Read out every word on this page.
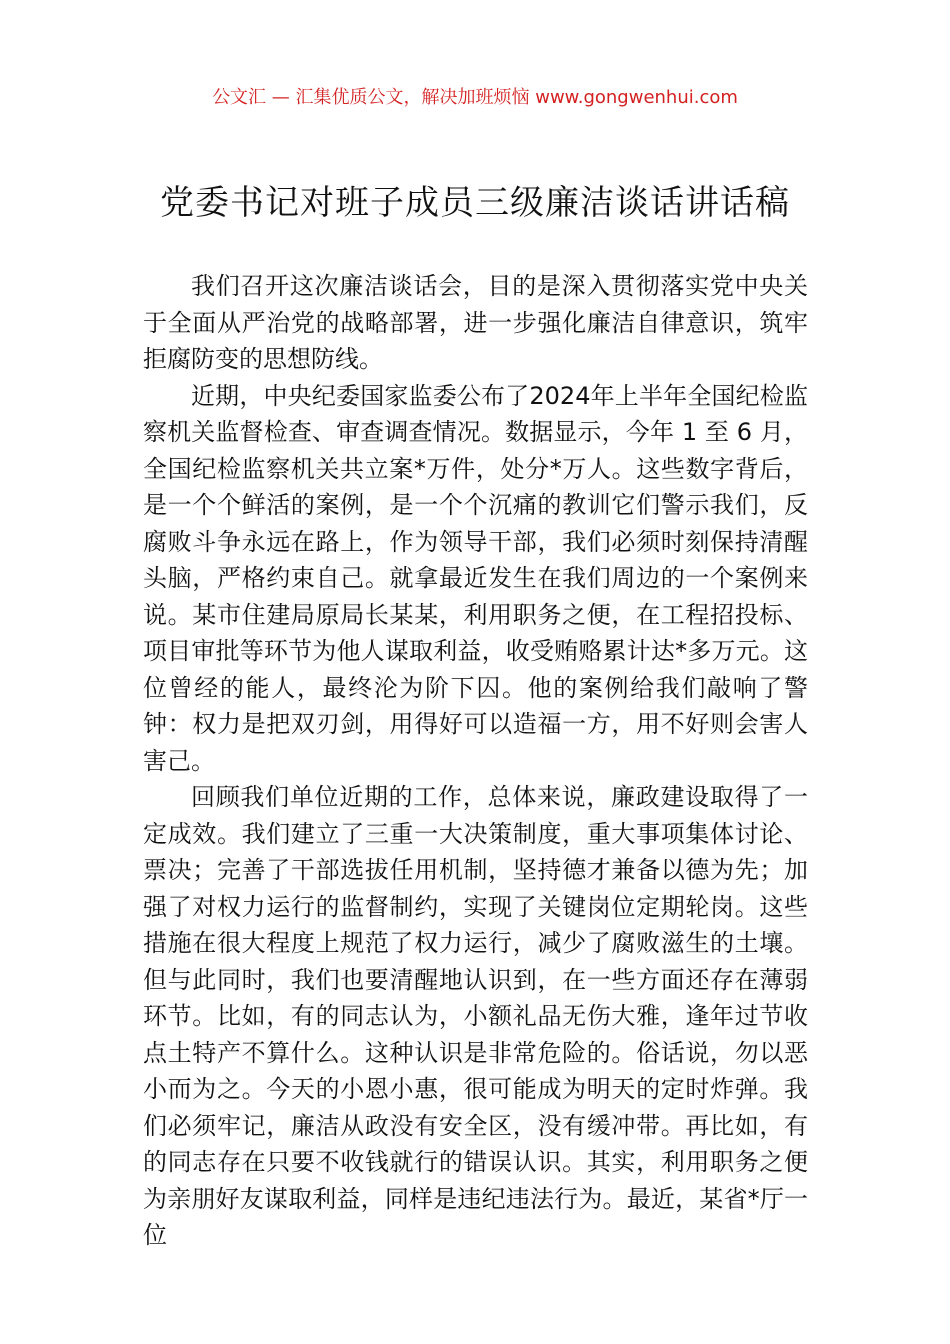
公文汇 — 汇集优质公文，解决加班烦恼 www.gongwenhui.com
党委书记对班子成员三级廉洁谈话讲话稿

我们召开这次廉洁谈话会，目的是深入贯彻落实党中央关于全面从严治党的战略部署，进一步强化廉洁自律意识，筑牢拒腐防变的思想防线。

近期，中央纪委国家监委公布了2024年上半年全国纪检监察机关监督检查、审查调查情况。数据显示，今年 1 至 6 月，全国纪检监察机关共立案*万件，处分*万人。这些数字背后，是一个个鲜活的案例，是一个个沉痛的教训它们警示我们，反腐败斗争永远在路上，作为领导干部，我们必须时刻保持清醒头脑，严格约束自己。就拿最近发生在我们周边的一个案例来说。某市住建局原局长某某，利用职务之便，在工程招投标、项目审批等环节为他人谋取利益，收受贿赂累计达*多万元。这位曾经的能人，最终沦为阶下囚。他的案例给我们敲响了警钟：权力是把双刃剑，用得好可以造福一方，用不好则会害人害己。

回顾我们单位近期的工作，总体来说，廉政建设取得了一定成效。我们建立了三重一大决策制度，重大事项集体讨论、票决；完善了干部选拔任用机制，坚持德才兼备以德为先；加强了对权力运行的监督制约，实现了关键岗位定期轮岗。这些措施在很大程度上规范了权力运行，减少了腐败滋生的土壤。但与此同时，我们也要清醒地认识到，在一些方面还存在薄弱环节。比如，有的同志认为，小额礼品无伤大雅，逢年过节收点土特产不算什么。这种认识是非常危险的。俗话说，勿以恶小而为之。今天的小恩小惠，很可能成为明天的定时炸弹。我们必须牢记，廉洁从政没有安全区，没有缓冲带。再比如，有的同志存在只要不收钱就行的错误认识。其实，利用职务之便为亲朋好友谋取利益，同样是违纪违法行为。最近，某省*厅一位
